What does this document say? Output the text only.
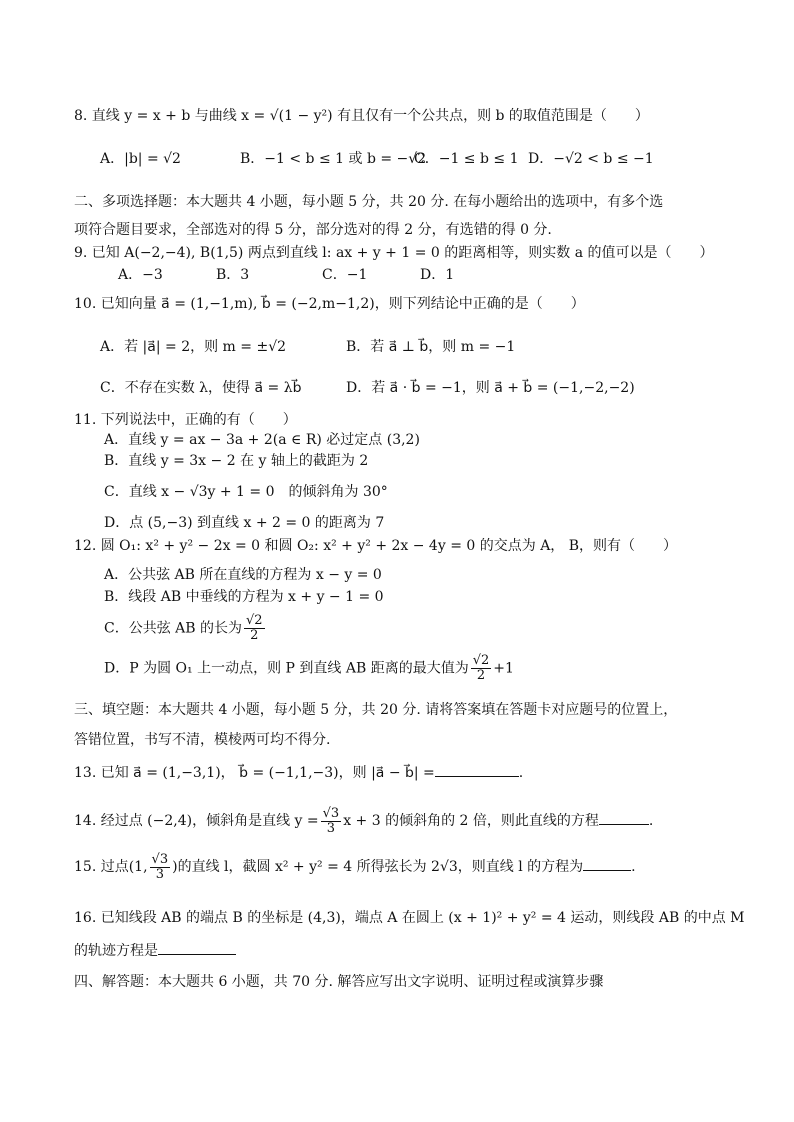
8. 直线 y = x + b 与曲线 x = √(1 − y²) 有且仅有一个公共点，则 b 的取值范围是（　　）
A．|b| = √2	B．−1 < b ≤ 1 或 b = −√2
C．−1 ≤ b ≤ 1 D．−√2 < b ≤ −1
二、多项选择题：本大题共 4 小题，每小题 5 分，共 20 分. 在每小题给出的选项中，有多个选
项符合题目要求，全部选对的得 5 分，部分选对的得 2 分，有选错的得 0 分.
9. 已知 A(−2,−4), B(1,5) 两点到直线 l: ax + y + 1 = 0 的距离相等，则实数 a 的值可以是（　　）
A．−3	B．3	C．−1	D．1
10. 已知向量 a⃗ = (1,−1,m), b⃗ = (−2,m−1,2)，则下列结论中正确的是（　　）
A．若 |a⃗| = 2，则 m = ±√2	B．若 a⃗ ⊥ b⃗，则 m = −1
C．不存在实数 λ，使得 a⃗ = λb⃗	D．若 a⃗ · b⃗ = −1，则 a⃗ + b⃗ = (−1,−2,−2)
11. 下列说法中，正确的有（　　）
A．直线 y = ax − 3a + 2(a ∈ R) 必过定点 (3,2)
B．直线 y = 3x − 2 在 y 轴上的截距为 2
C．直线 x − √3y + 1 = 0　的倾斜角为 30°
D．点 (5,−3) 到直线 x + 2 = 0 的距离为 7
12. 圆 O₁: x² + y² − 2x = 0 和圆 O₂: x² + y² + 2x − 4y = 0 的交点为 A， B，则有（　　）
A．公共弦 AB 所在直线的方程为 x − y = 0
B．线段 AB 中垂线的方程为 x + y − 1 = 0
C．公共弦 AB 的长为 $\frac{√2}{2}$
D．P 为圆 O₁ 上一动点，则 P 到直线 AB 距离的最大值为 $\frac{√2}{2} +1$
三、填空题：本大题共 4 小题，每小题 5 分，共 20 分. 请将答案填在答题卡对应题号的位置上，
答错位置，书写不清，模棱两可均不得分.
13. 已知 a⃗ = (1,−3,1)， b⃗ = (−1,1,−3)，则 |a⃗ − b⃗| =	.
14. 经过点 (−2,4)，倾斜角是直线 $y = \frac{√3}{3}$ x + 3 的倾斜角的 2 倍，则此直线的方程	.
15. 过点(1, $\frac{√3}{3}$ )的直线 l，截圆 x² + y² = 4 所得弦长为 2√3，则直线 l 的方程为	.
16. 已知线段 AB 的端点 B 的坐标是 (4,3)，端点 A 在圆上 (x + 1)² + y² = 4 运动，则线段 AB 的中点 M
的轨迹方程是
四、解答题：本大题共 6 小题，共 70 分. 解答应写出文字说明、证明过程或演算步骤
